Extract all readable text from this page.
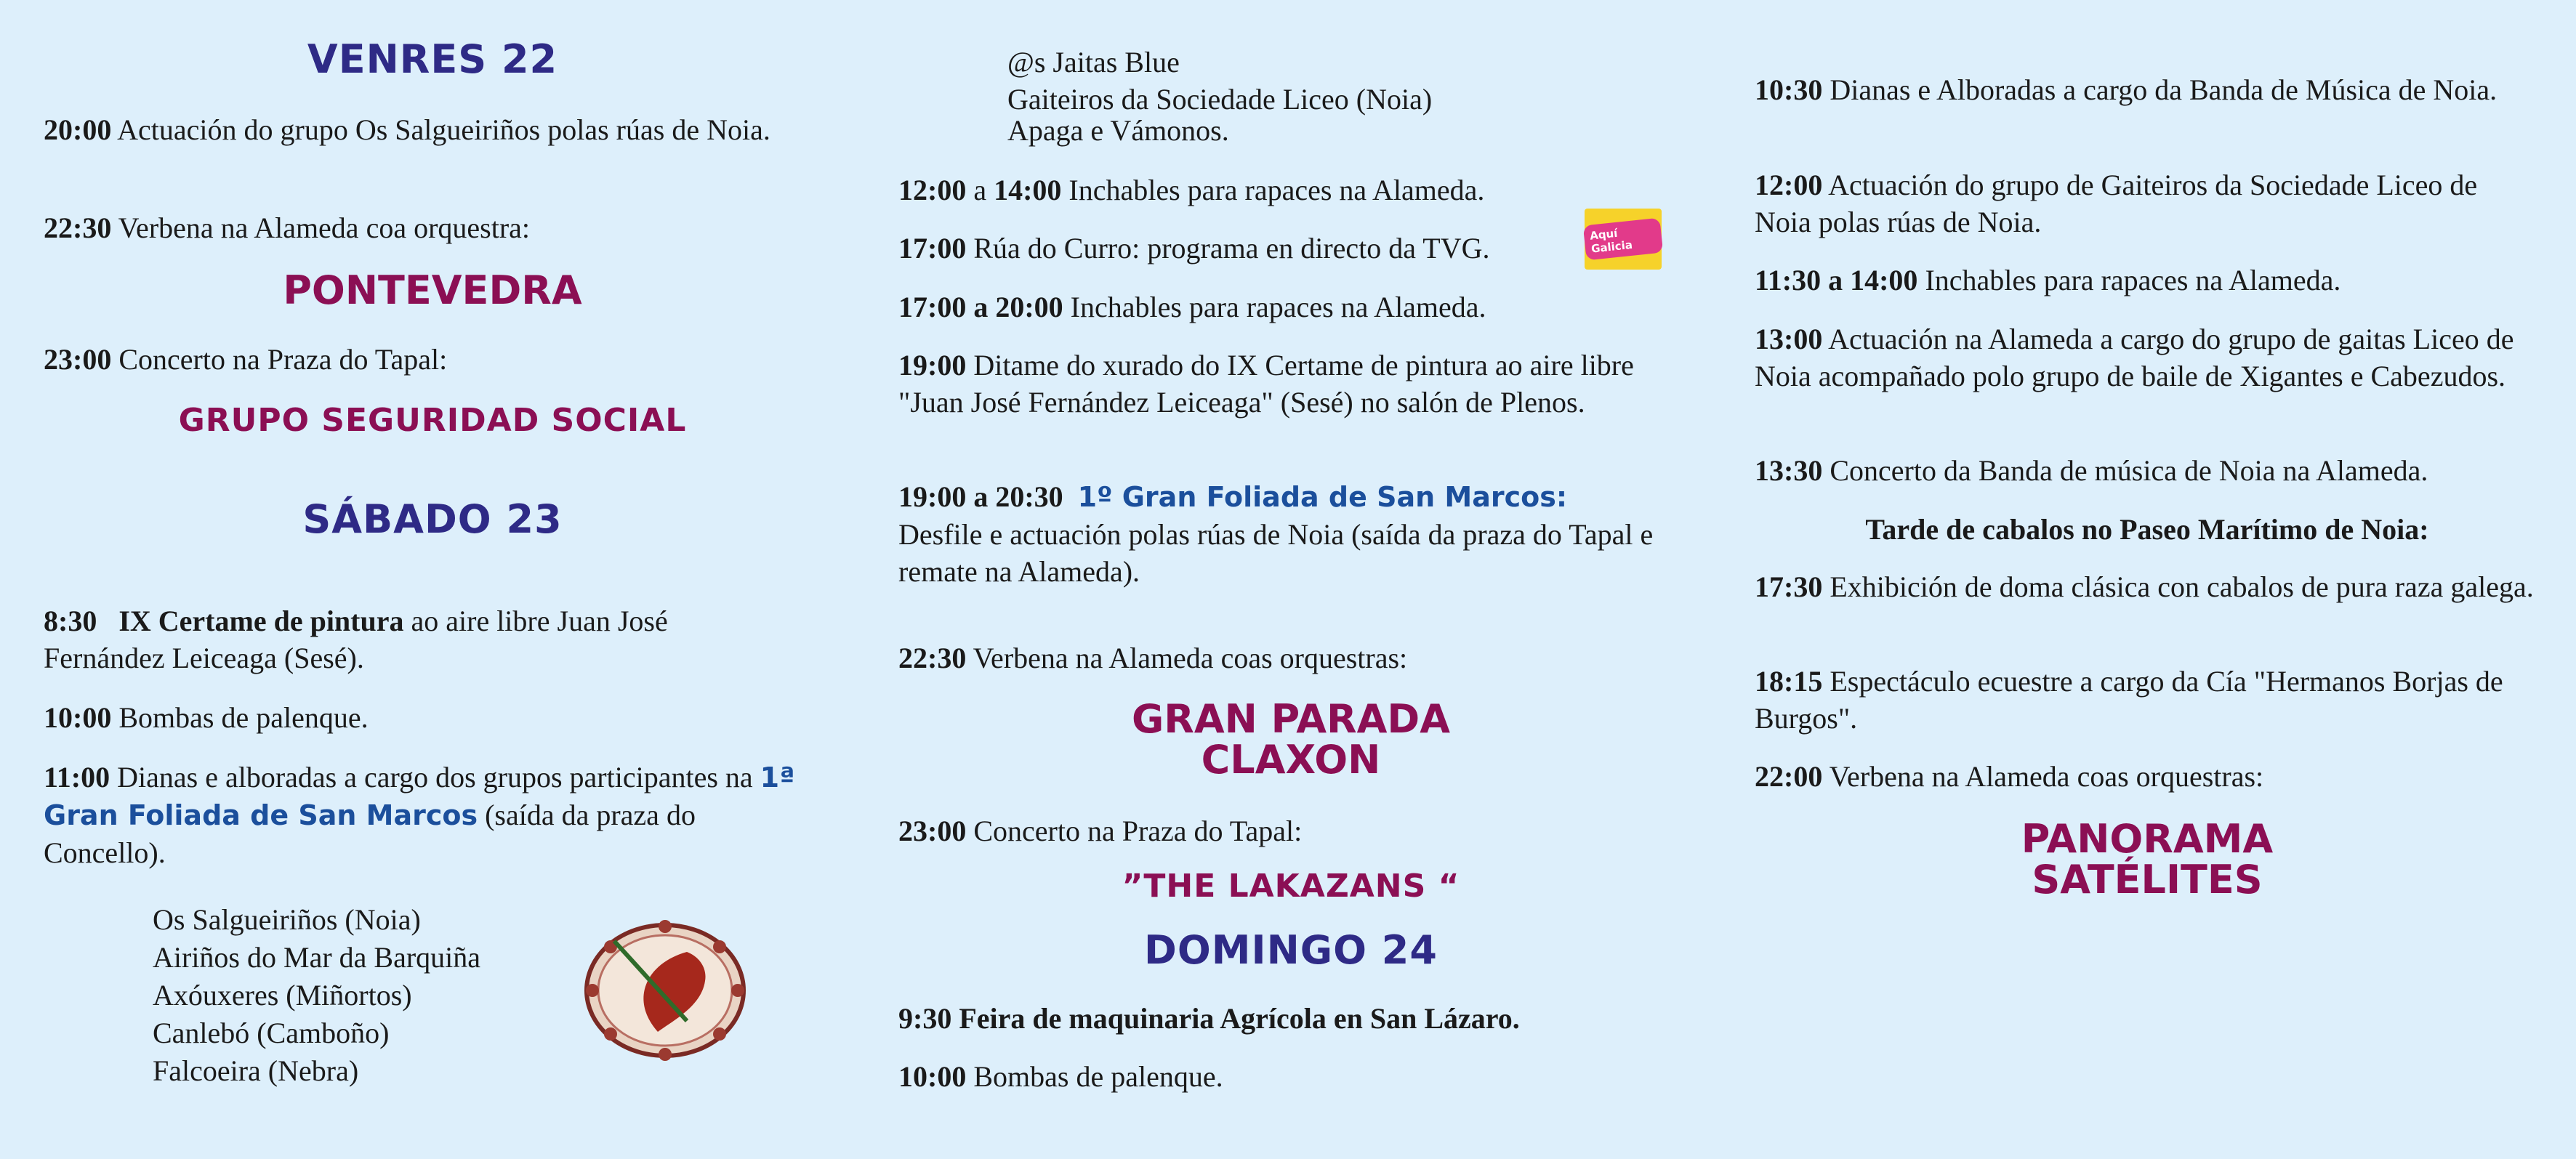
VENRES 22

20:00 Actuación do grupo Os Salgueiriños polas rúas de Noia.

22:30 Verbena na Alameda coa orquestra:

PONTEVEDRA

23:00 Concerto na Praza do Tapal:

GRUPO SEGURIDAD SOCIAL
SÁBADO 23

8:30 IX Certame de pintura ao aire libre Juan José Fernández Leiceaga (Sesé).

10:00 Bombas de palenque.

11:00 Dianas e alboradas a cargo dos grupos participantes na 1ª Gran Foliada de San Marcos (saída da praza do Concello).

Os Salgueiriños (Noia)
Airiños do Mar da Barquiña
Axóuxeres (Miñortos)
Canlebó (Camboño)
Falcoeira (Nebra)
@s Jaitas Blue
Gaiteiros da Sociedade Liceo (Noia)
Apaga e Vámonos.

12:00 a 14:00 Inchables para rapaces na Alameda.

17:00 Rúa do Curro: programa en directo da TVG.	Aquí Galicia

17:00 a 20:00 Inchables para rapaces na Alameda.

19:00 Ditame do xurado do IX Certame de pintura ao aire libre "Juan José Fernández Leiceaga" (Sesé) no salón de Plenos.

19:00 a 20:30 1º Gran Foliada de San Marcos:
Desfile e actuación polas rúas de Noia (saída da praza do Tapal e remate na Alameda).

22:30 Verbena na Alameda coas orquestras:

GRAN PARADA
CLAXON

23:00 Concerto na Praza do Tapal:

”THE LAKAZANS “
DOMINGO 24

9:30 Feira de maquinaria Agrícola en San Lázaro.

10:00 Bombas de palenque.

10:30 Dianas e Alboradas a cargo da Banda de Música de Noia.

12:00 Actuación do grupo de Gaiteiros da Sociedade Liceo de Noia polas rúas de Noia.

11:30 a 14:00 Inchables para rapaces na Alameda.

13:00 Actuación na Alameda a cargo do grupo de gaitas Liceo de Noia acompañado polo grupo de baile de Xigantes e Cabezudos.

13:30 Concerto da Banda de música de Noia na Alameda.

Tarde de cabalos no Paseo Marítimo de Noia:

17:30 Exhibición de doma clásica con cabalos de pura raza galega.

18:15 Espectáculo ecuestre a cargo da Cía "Hermanos Borjas de Burgos".

22:00 Verbena na Alameda coas orquestras:

PANORAMA
SATÉLITES
